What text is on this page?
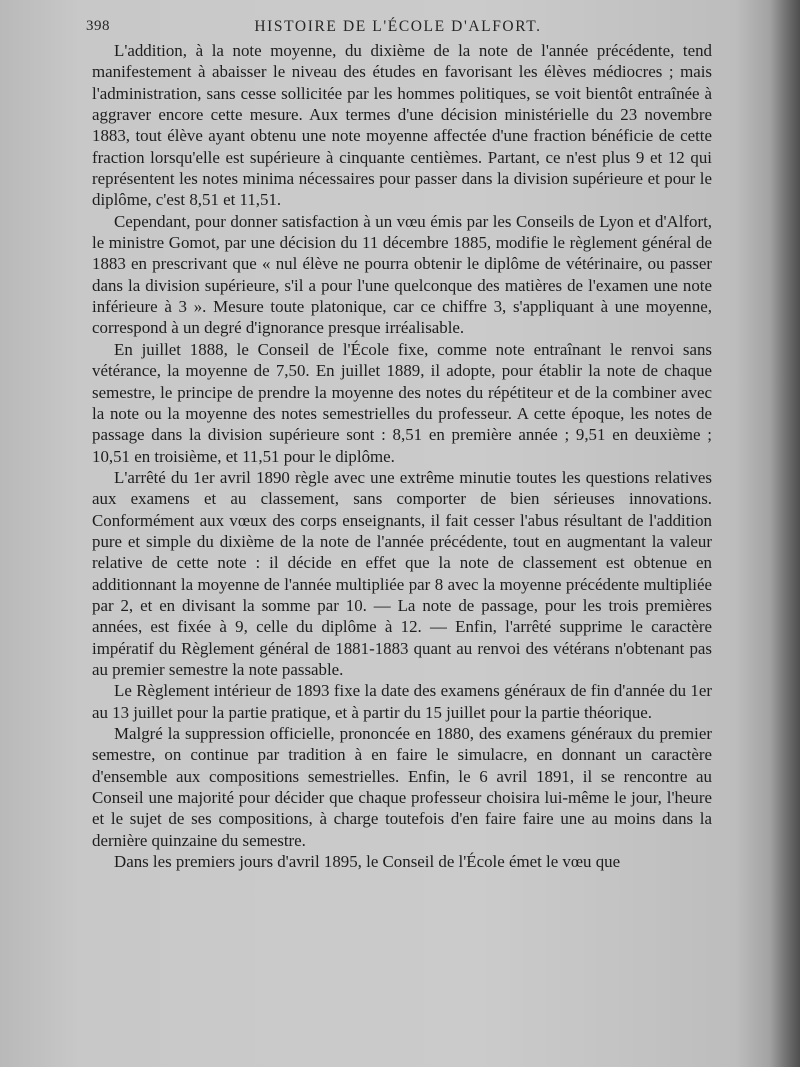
398	HISTOIRE DE L'ÉCOLE D'ALFORT.

L'addition, à la note moyenne, du dixième de la note de l'année précédente, tend manifestement à abaisser le niveau des études en favorisant les élèves médiocres ; mais l'administration, sans cesse sollicitée par les hommes politiques, se voit bientôt entraînée à aggraver encore cette mesure. Aux termes d'une décision ministérielle du 23 novembre 1883, tout élève ayant obtenu une note moyenne affectée d'une fraction bénéficie de cette fraction lorsqu'elle est supérieure à cinquante centièmes. Partant, ce n'est plus 9 et 12 qui représentent les notes minima nécessaires pour passer dans la division supérieure et pour le diplôme, c'est 8,51 et 11,51.

Cependant, pour donner satisfaction à un vœu émis par les Conseils de Lyon et d'Alfort, le ministre Gomot, par une décision du 11 décembre 1885, modifie le règlement général de 1883 en prescrivant que « nul élève ne pourra obtenir le diplôme de vétérinaire, ou passer dans la division supérieure, s'il a pour l'une quelconque des matières de l'examen une note inférieure à 3 ». Mesure toute platonique, car ce chiffre 3, s'appliquant à une moyenne, correspond à un degré d'ignorance presque irréalisable.

En juillet 1888, le Conseil de l'École fixe, comme note entraînant le renvoi sans vétérance, la moyenne de 7,50. En juillet 1889, il adopte, pour établir la note de chaque semestre, le principe de prendre la moyenne des notes du répétiteur et de la combiner avec la note ou la moyenne des notes semestrielles du professeur. A cette époque, les notes de passage dans la division supérieure sont : 8,51 en première année ; 9,51 en deuxième ; 10,51 en troisième, et 11,51 pour le diplôme.

L'arrêté du 1er avril 1890 règle avec une extrême minutie toutes les questions relatives aux examens et au classement, sans comporter de bien sérieuses innovations. Conformément aux vœux des corps enseignants, il fait cesser l'abus résultant de l'addition pure et simple du dixième de la note de l'année précédente, tout en augmentant la valeur relative de cette note : il décide en effet que la note de classement est obtenue en additionnant la moyenne de l'année multipliée par 8 avec la moyenne précédente multipliée par 2, et en divisant la somme par 10. — La note de passage, pour les trois premières années, est fixée à 9, celle du diplôme à 12. — Enfin, l'arrêté supprime le caractère impératif du Règlement général de 1881-1883 quant au renvoi des vétérans n'obtenant pas au premier semestre la note passable.

Le Règlement intérieur de 1893 fixe la date des examens généraux de fin d'année du 1er au 13 juillet pour la partie pratique, et à partir du 15 juillet pour la partie théorique.

Malgré la suppression officielle, prononcée en 1880, des examens généraux du premier semestre, on continue par tradition à en faire le simulacre, en donnant un caractère d'ensemble aux compositions semestrielles. Enfin, le 6 avril 1891, il se rencontre au Conseil une majorité pour décider que chaque professeur choisira lui-même le jour, l'heure et le sujet de ses compositions, à charge toutefois d'en faire faire une au moins dans la dernière quinzaine du semestre.

Dans les premiers jours d'avril 1895, le Conseil de l'École émet le vœu que
